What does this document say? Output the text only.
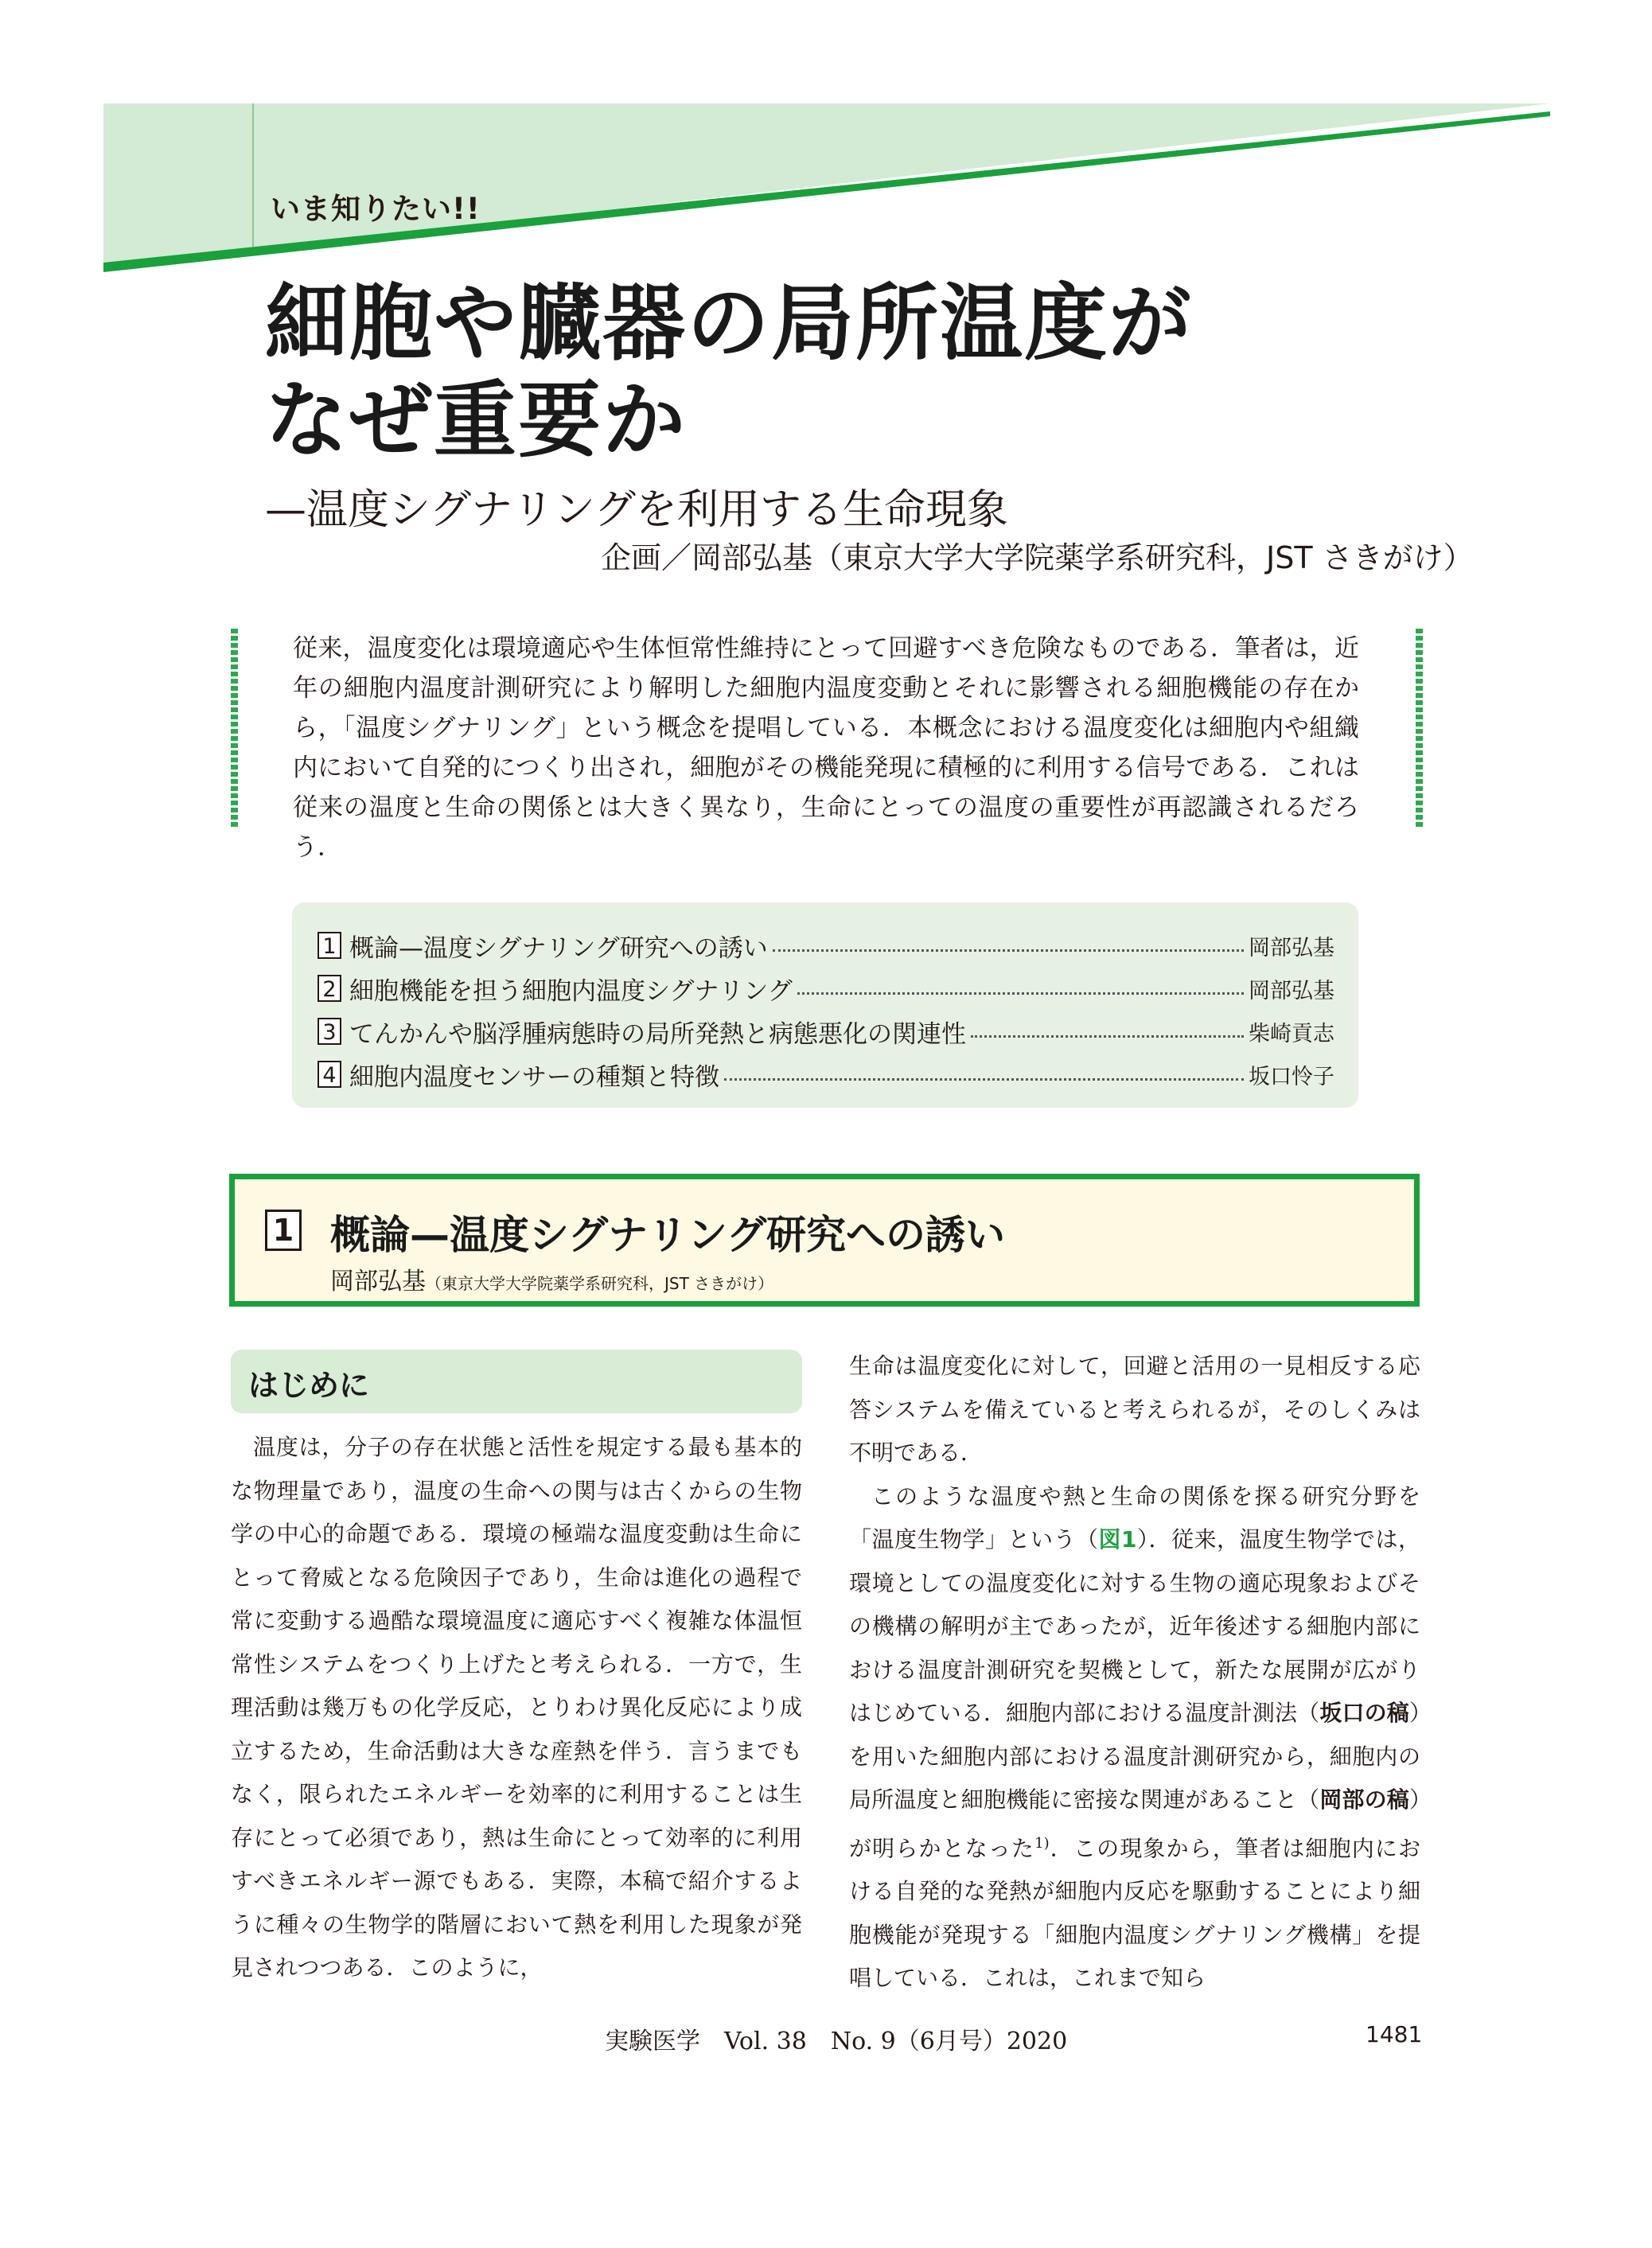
いま知りたい!!
細胞や臓器の局所温度が
なぜ重要か
—温度シグナリングを利用する生命現象
企画／岡部弘基（東京大学大学院薬学系研究科，JST さきがけ）

従来，温度変化は環境適応や生体恒常性維持にとって回避すべき危険なものである．筆者は，近年の細胞内温度計測研究により解明した細胞内温度変動とそれに影響される細胞機能の存在から，「温度シグナリング」という概念を提唱している．本概念における温度変化は細胞内や組織内において自発的につくり出され，細胞がその機能発現に積極的に利用する信号である．これは従来の温度と生命の関係とは大きく異なり，生命にとっての温度の重要性が再認識されるだろう．

1 概論—温度シグナリング研究への誘い	岡部弘基
2 細胞機能を担う細胞内温度シグナリング	岡部弘基
3 てんかんや脳浮腫病態時の局所発熱と病態悪化の関連性	柴崎貢志
4 細胞内温度センサーの種類と特徴	坂口怜子
1 概論—温度シグナリング研究への誘い
岡部弘基（東京大学大学院薬学系研究科，JST さきがけ）
はじめに

温度は，分子の存在状態と活性を規定する最も基本的な物理量であり，温度の生命への関与は古くからの生物学の中心的命題である．環境の極端な温度変動は生命にとって脅威となる危険因子であり，生命は進化の過程で常に変動する過酷な環境温度に適応すべく複雑な体温恒常性システムをつくり上げたと考えられる．一方で，生理活動は幾万もの化学反応，とりわけ異化反応により成立するため，生命活動は大きな産熱を伴う．言うまでもなく，限られたエネルギーを効率的に利用することは生存にとって必須であり，熱は生命にとって効率的に利用すべきエネルギー源でもある．実際，本稿で紹介するように種々の生物学的階層において熱を利用した現象が発見されつつある．このように，

生命は温度変化に対して，回避と活用の一見相反する応答システムを備えていると考えられるが，そのしくみは不明である．

このような温度や熱と生命の関係を探る研究分野を「温度生物学」という（図1）．従来，温度生物学では，環境としての温度変化に対する生物の適応現象およびその機構の解明が主であったが，近年後述する細胞内部における温度計測研究を契機として，新たな展開が広がりはじめている．細胞内部における温度計測法（坂口の稿）を用いた細胞内部における温度計測研究から，細胞内の局所温度と細胞機能に密接な関連があること（岡部の稿）が明らかとなった$^{1)}$．この現象から，筆者は細胞内における自発的な発熱が細胞内反応を駆動することにより細胞機能が発現する「細胞内温度シグナリング機構」を提唱している．これは，これまで知ら

実験医学　Vol. 38　No. 9（6月号）2020	1481
